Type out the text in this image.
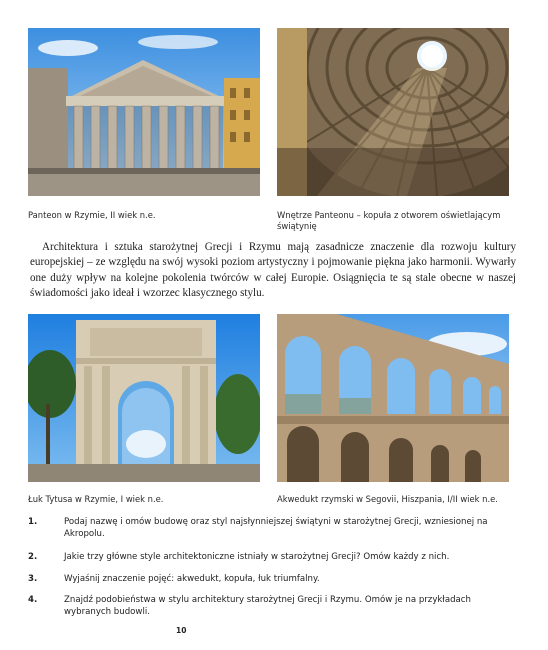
Panteon w Rzymie, II wiek n.e.	Wnętrze Panteonu – kopuła z otworem oświetlającym świątynię

Architektura i sztuka starożytnej Grecji i Rzymu mają zasadnicze znaczenie dla rozwoju kultury europejskiej – ze względu na swój wysoki poziom artystyczny i pojmowanie piękna jako harmonii. Wywarły one duży wpływ na kolejne pokolenia twórców w całej Europie. Osiągnięcia te są stale obecne w naszej świadomości jako ideał i wzorzec klasycznego stylu.

Łuk Tytusa w Rzymie, I wiek n.e.	Akwedukt rzymski w Segovii, Hiszpania, I/II wiek n.e.
1.	Podaj nazwę i omów budowę oraz styl najsłynniejszej świątyni w starożytnej Grecji, wzniesionej na Akropolu.
2.	Jakie trzy główne style architektoniczne istniały w starożytnej Grecji? Omów każdy z nich.
3.	Wyjaśnij znaczenie pojęć: akwedukt, kopuła, łuk triumfalny.
4.	Znajdź podobieństwa w stylu architektury starożytnej Grecji i Rzymu. Omów je na przykładach wybranych budowli.
10
